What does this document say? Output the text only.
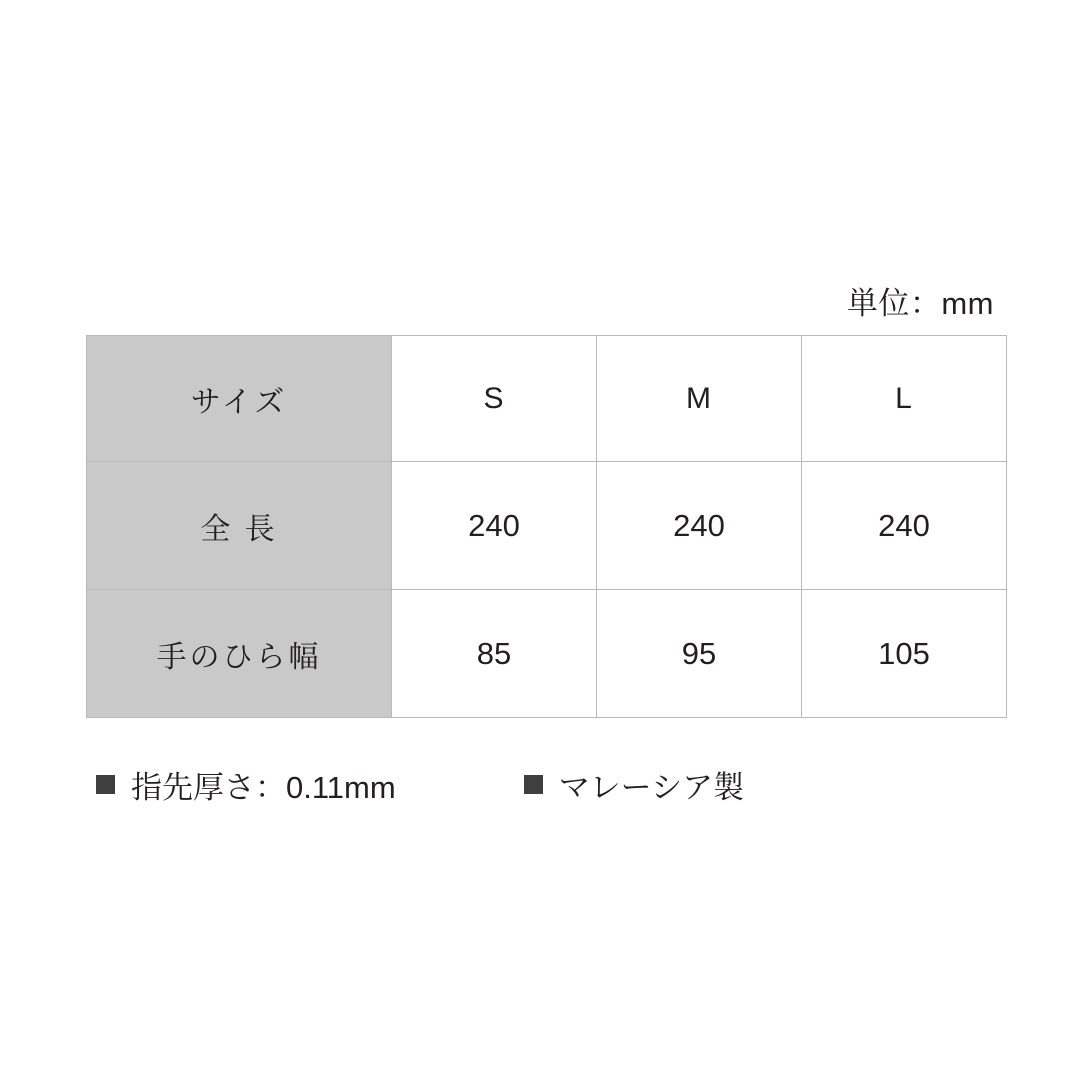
単位：mm
サイズ	S	M	L
全 長	240	240	240
手のひら幅	85	95	105
指先厚さ：0.11mm	マレーシア製
